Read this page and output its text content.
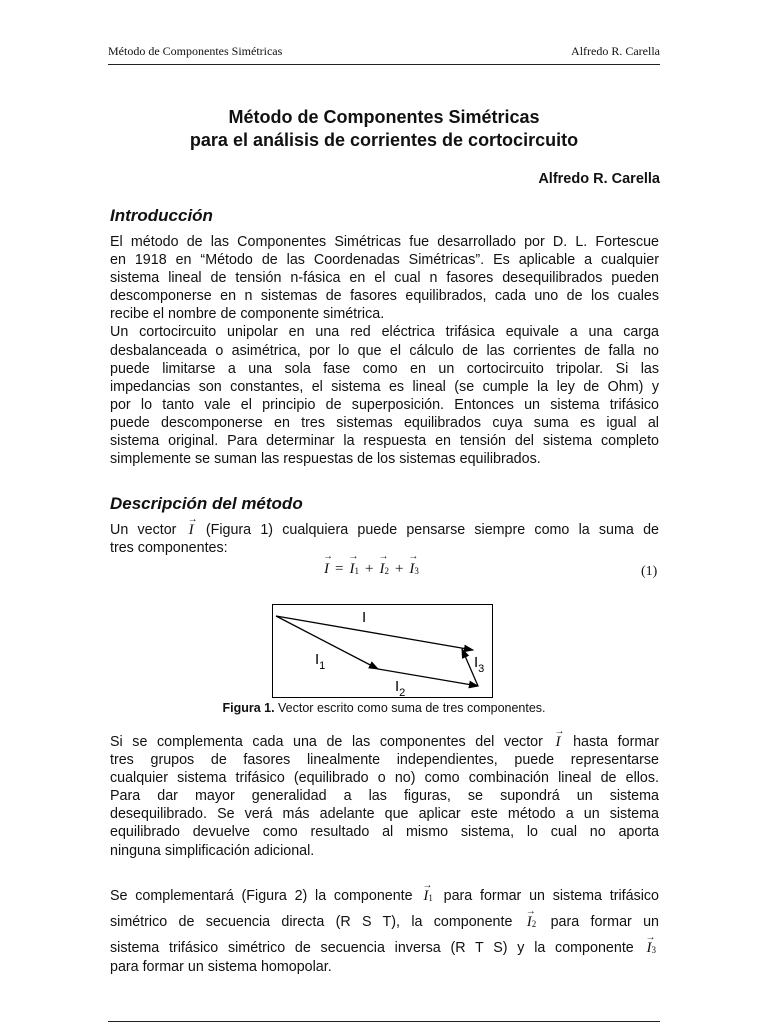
Método de Componentes Simétricas	Alfredo R. Carella
Método de Componentes Simétricas
para el análisis de corrientes de cortocircuito
Alfredo R. Carella
Introducción
El método de las Componentes Simétricas fue desarrollado por D. L. Fortescue
en 1918 en “Método de las Coordenadas Simétricas”. Es aplicable a cualquier
sistema lineal de tensión n-fásica en el cual n fasores desequilibrados pueden
descomponerse en n sistemas de fasores equilibrados, cada uno de los cuales
recibe el nombre de componente simétrica.
Un cortocircuito unipolar en una red eléctrica trifásica equivale a una carga
desbalanceada o asimétrica, por lo que el cálculo de las corrientes de falla no
puede limitarse a una sola fase como en un cortocircuito tripolar. Si las
impedancias son constantes, el sistema es lineal (se cumple la ley de Ohm) y
por lo tanto vale el principio de superposición. Entonces un sistema trifásico
puede descomponerse en tres sistemas equilibrados cuya suma es igual al
sistema original. Para determinar la respuesta en tensión del sistema completo
simplemente se suman las respuestas de los sistemas equilibrados.
Descripción del método
Un vector → I (Figura 1) cualquiera puede pensarse siempre como la suma de
tres componentes:
→ $I =\to I_1 +\to I_2 +\to I_3$	(1)
I
$I_1$
$I_2$
$I_3$
Figura 1. Vector escrito como suma de tres componentes.
Si se complementa cada una de las componentes del vector → I hasta formar
tres grupos de fasores linealmente independientes, puede representarse
cualquier sistema trifásico (equilibrado o no) como combinación lineal de ellos.
Para dar mayor generalidad a las figuras, se supondrá un sistema
desequilibrado. Se verá más adelante que aplicar este método a un sistema
equilibrado devuelve como resultado al mismo sistema, lo cual no aporta
ninguna simplificación adicional.
Se complementará (Figura 2) la componente → $I_1$ para formar un sistema trifásico
simétrico de secuencia directa (R S T), la componente → $I_2$ para formar un
sistema trifásico simétrico de secuencia inversa (R T S) y la componente → $I_3$
para formar un sistema homopolar.
